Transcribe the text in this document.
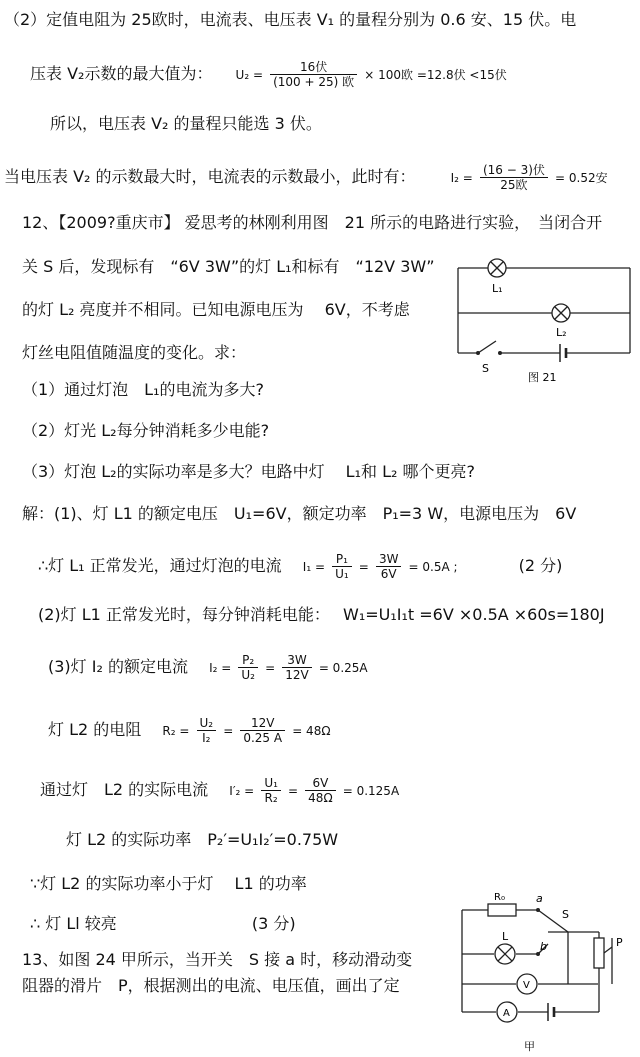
（2）定值电阻为 25欧时，电流表、电压表 V₁ 的量程分别为 0.6 安、15 伏。电
压表 V₂示数的最大值为： $U_2 = \frac{\text{16伏}}{\text{(100 + 25) 欧}} \times 100$欧 =12.8伏 <15伏
所以，电压表 V₂ 的量程只能选 3 伏。
当电压表 V₂ 的示数最大时，电流表的示数最小，此时有：	$I_2 = \frac{\text{(16 − 3)伏}}{\text{25欧}} = 0.52$安
12、【2009?重庆市】 爱思考的林刚利用图　21 所示的电路进行实验，　当闭合开
关 S 后，发现标有　“6V 3W”的灯 L₁和标有　“12V 3W”
的灯 L₂ 亮度并不相同。已知电源电压为　 6V，不考虑
灯丝电阻值随温度的变化。求：
L₁
L₂
S
图 21
（1）通过灯泡　L₁的电流为多大?
（2）灯光 L₂每分钟消耗多少电能?
（3）灯泡 L₂的实际功率是多大？电路中灯　 L₁和 L₂ 哪个更亮?
解：(1)、灯 L1 的额定电压　U₁=6V，额定功率　P₁=3 W，电源电压为　6V
∴灯 L₁ 正常发光，通过灯泡的电流　 $I_1 = \frac{\text{P₁}}{\text{U₁}} = \frac{3W}{6V} = 0.5A$ ;	(2 分)
(2)灯 L1 正常发光时，每分钟消耗电能：　 W₁=U₁I₁t =6V ×0.5A ×60s=180J
(3)灯 I₂ 的额定电流　 $I_2 = \frac{\text{P₂}}{\text{U₂}} = \frac{3W}{12V} = 0.25A$
灯 L2 的电阻　 $R_2 = \frac{\text{U₂}}{\text{I₂}} = \frac{12V}{0.25 A} = 48\Omega$
通过灯　L2 的实际电流　 $I'_2 = \frac{\text{U₁}}{\text{R₂}} = \frac{6V}{48\Omega} = 0.125A$
灯 L2 的实际功率　P₂′=U₁I₂′=0.75W
∵灯 L2 的实际功率小于灯　 L1 的功率
∴ 灯 Ll 较亮	(3 分)
13、如图 24 甲所示，当开关　S 接 a 时，移动滑动变
阻器的滑片　P，根据测出的电流、电压值，画出了定
R₀	a
b
S
L	P
V
A
甲
